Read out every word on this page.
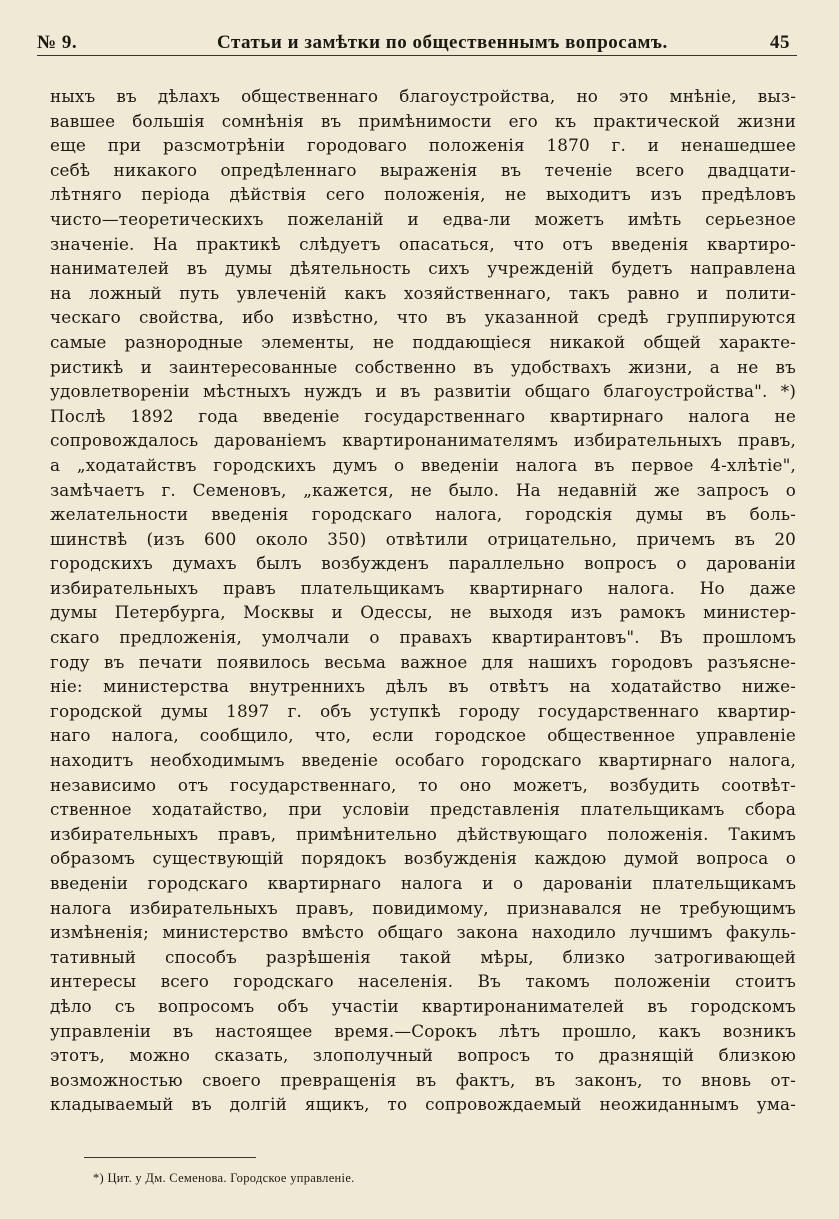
№ 9.	Статьи и замѣтки по общественнымъ вопросамъ.	45
ныхъ въ дѣлахъ общественнаго благоустройства, но это мнѣніе, выз-
вавшее большія сомнѣнія въ примѣнимости его къ практической жизни
еще при разсмотрѣніи городоваго положенія 1870 г. и ненашедшее
себѣ никакого опредѣленнаго выраженія въ теченіе всего двадцати-
лѣтняго періода дѣйствія сего положенія, не выходитъ изъ предѣловъ
чисто—теоретическихъ пожеланій и едва-ли можетъ имѣть серьезное
значеніе. На практикѣ слѣдуетъ опасаться, что отъ введенія квартиро-
нанимателей въ думы дѣятельность сихъ учрежденій будетъ направлена
на ложный путь увлеченій какъ хозяйственнаго, такъ равно и полити-
ческаго свойства, ибо извѣстно, что въ указанной средѣ группируются
самые разнородные элементы, не поддающіеся никакой общей характе-
ристикѣ и заинтересованные собственно въ удобствахъ жизни, а не въ
удовлетвореніи мѣстныхъ нуждъ и въ развитіи общаго благоустройства". *)
Послѣ 1892 года введеніе государственнаго квартирнаго налога не
сопровождалось дарованіемъ квартиронанимателямъ избирательныхъ правъ,
а „ходатайствъ городскихъ думъ о введеніи налога въ первое 4-хлѣтіе",
замѣчаетъ г. Семеновъ, „кажется, не было. На недавній же запросъ о
желательности введенія городскаго налога, городскія думы въ боль-
шинствѣ (изъ 600 около 350) отвѣтили отрицательно, причемъ въ 20
городскихъ думахъ былъ возбужденъ параллельно вопросъ о дарованіи
избирательныхъ правъ плательщикамъ квартирнаго налога. Но даже
думы Петербурга, Москвы и Одессы, не выходя изъ рамокъ министер-
скаго предложенія, умолчали о правахъ квартирантовъ". Въ прошломъ
году въ печати появилось весьма важное для нашихъ городовъ разъясне-
ніе: министерства внутреннихъ дѣлъ въ отвѣтъ на ходатайство ниже-
городской думы 1897 г. объ уступкѣ городу государственнаго квартир-
наго налога, сообщило, что, если городское общественное управленіе
находитъ необходимымъ введеніе особаго городскаго квартирнаго налога,
независимо отъ государственнаго, то оно можетъ, возбудить соотвѣт-
ственное ходатайство, при условіи представленія плательщикамъ сбора
избирательныхъ правъ, примѣнительно дѣйствующаго положенія. Такимъ
образомъ существующій порядокъ возбужденія каждою думой вопроса о
введеніи городскаго квартирнаго налога и о дарованіи плательщикамъ
налога избирательныхъ правъ, повидимому, признавался не требующимъ
измѣненія; министерство вмѣсто общаго закона находило лучшимъ факуль-
тативный способъ разрѣшенія такой мѣры, близко затрогивающей
интересы всего городскаго населенія. Въ такомъ положеніи стоитъ
дѣло съ вопросомъ объ участіи квартиронанимателей въ городскомъ
управленіи въ настоящее время.—Сорокъ лѣтъ прошло, какъ возникъ
этотъ, можно сказать, злополучный вопросъ то дразнящій близкою
возможностью своего превращенія въ фактъ, въ законъ, то вновь от-
кладываемый въ долгій ящикъ, то сопровождаемый неожиданнымъ ума-
*) Цит. у Дм. Семенова. Городское управленіе.
